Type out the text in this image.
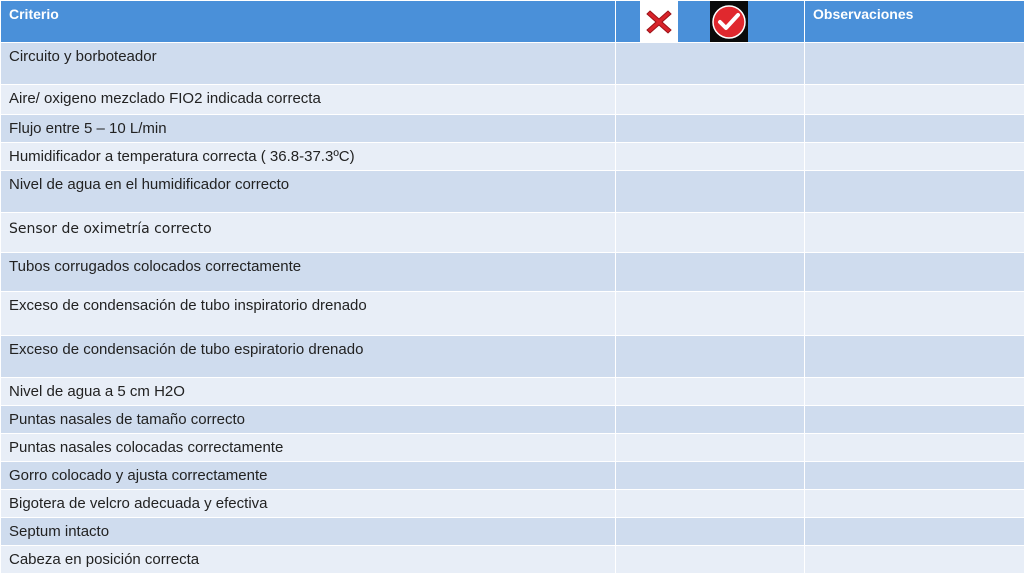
Criterio		Observaciones

Circuito y borboteador		

Aire/ oxigeno mezclado FIO2 indicada correcta		

Flujo entre 5 – 10 L/min		

Humidificador a temperatura correcta ( 36.8-37.3ºC)		

Nivel de agua en el humidificador correcto		

Sensor de oximetría correcto		

Tubos corrugados colocados correctamente		

Exceso de condensación de tubo inspiratorio drenado		

Exceso de condensación de tubo espiratorio drenado		

Nivel de agua a 5 cm H2O		

Puntas nasales de tamaño correcto		

Puntas nasales colocadas correctamente		

Gorro colocado y ajusta correctamente		

Bigotera de velcro adecuada y efectiva		

Septum intacto		

Cabeza en posición correcta		
